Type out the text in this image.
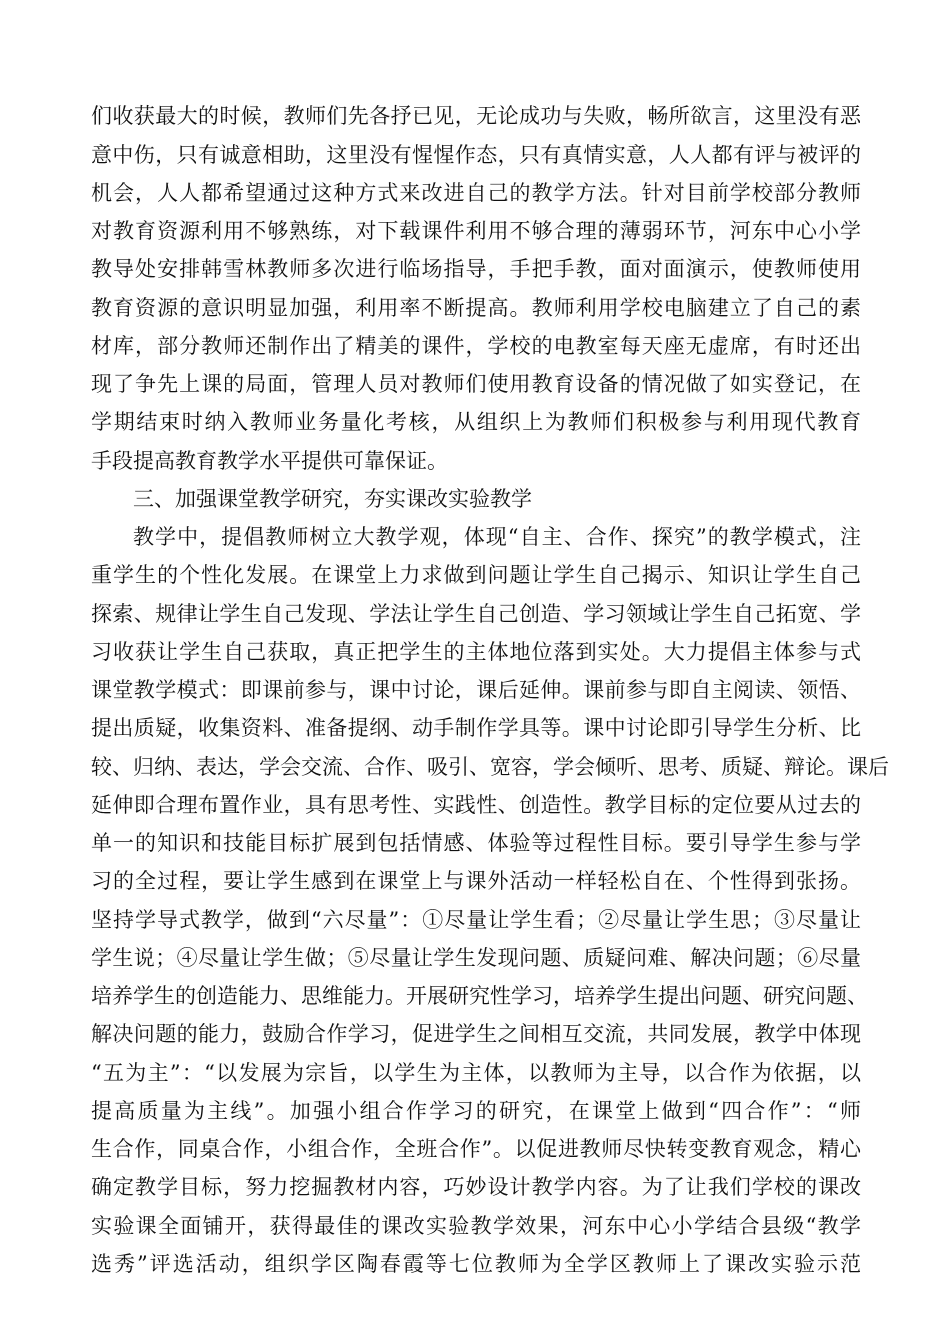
们收获最大的时候，教师们先各抒已见，无论成功与失败，畅所欲言，这里没有恶
意中伤，只有诚意相助，这里没有惺惺作态，只有真情实意，人人都有评与被评的
机会，人人都希望通过这种方式来改进自己的教学方法。针对目前学校部分教师
对教育资源利用不够熟练，对下载课件利用不够合理的薄弱环节，河东中心小学
教导处安排韩雪林教师多次进行临场指导，手把手教，面对面演示，使教师使用
教育资源的意识明显加强，利用率不断提高。教师利用学校电脑建立了自己的素
材库，部分教师还制作出了精美的课件，学校的电教室每天座无虚席，有时还出
现了争先上课的局面，管理人员对教师们使用教育设备的情况做了如实登记，在
学期结束时纳入教师业务量化考核，从组织上为教师们积极参与利用现代教育
手段提高教育教学水平提供可靠保证。
三、加强课堂教学研究，夯实课改实验教学
教学中，提倡教师树立大教学观，体现“自主、合作、探究”的教学模式，注
重学生的个性化发展。在课堂上力求做到问题让学生自己揭示、知识让学生自己
探索、规律让学生自己发现、学法让学生自己创造、学习领域让学生自己拓宽、学
习收获让学生自己获取，真正把学生的主体地位落到实处。大力提倡主体参与式
课堂教学模式：即课前参与，课中讨论，课后延伸。课前参与即自主阅读、领悟、
提出质疑，收集资料、准备提纲、动手制作学具等。课中讨论即引导学生分析、比
较、归纳、表达，学会交流、合作、吸引、宽容，学会倾听、思考、质疑、辩论。课后
延伸即合理布置作业，具有思考性、实践性、创造性。教学目标的定位要从过去的
单一的知识和技能目标扩展到包括情感、体验等过程性目标。要引导学生参与学
习的全过程，要让学生感到在课堂上与课外活动一样轻松自在、个性得到张扬。
坚持学导式教学，做到“六尽量”：①尽量让学生看；②尽量让学生思；③尽量让
学生说；④尽量让学生做；⑤尽量让学生发现问题、质疑问难、解决问题；⑥尽量
培养学生的创造能力、思维能力。开展研究性学习，培养学生提出问题、研究问题、
解决问题的能力，鼓励合作学习，促进学生之间相互交流，共同发展，教学中体现
“五为主”：“以发展为宗旨，以学生为主体，以教师为主导，以合作为依据，以
提高质量为主线”。加强小组合作学习的研究，在课堂上做到“四合作”：“师
生合作，同桌合作，小组合作，全班合作”。以促进教师尽快转变教育观念，精心
确定教学目标，努力挖掘教材内容，巧妙设计教学内容。为了让我们学校的课改
实验课全面铺开，获得最佳的课改实验教学效果，河东中心小学结合县级“教学
选秀”评选活动，组织学区陶春霞等七位教师为全学区教师上了课改实验示范
